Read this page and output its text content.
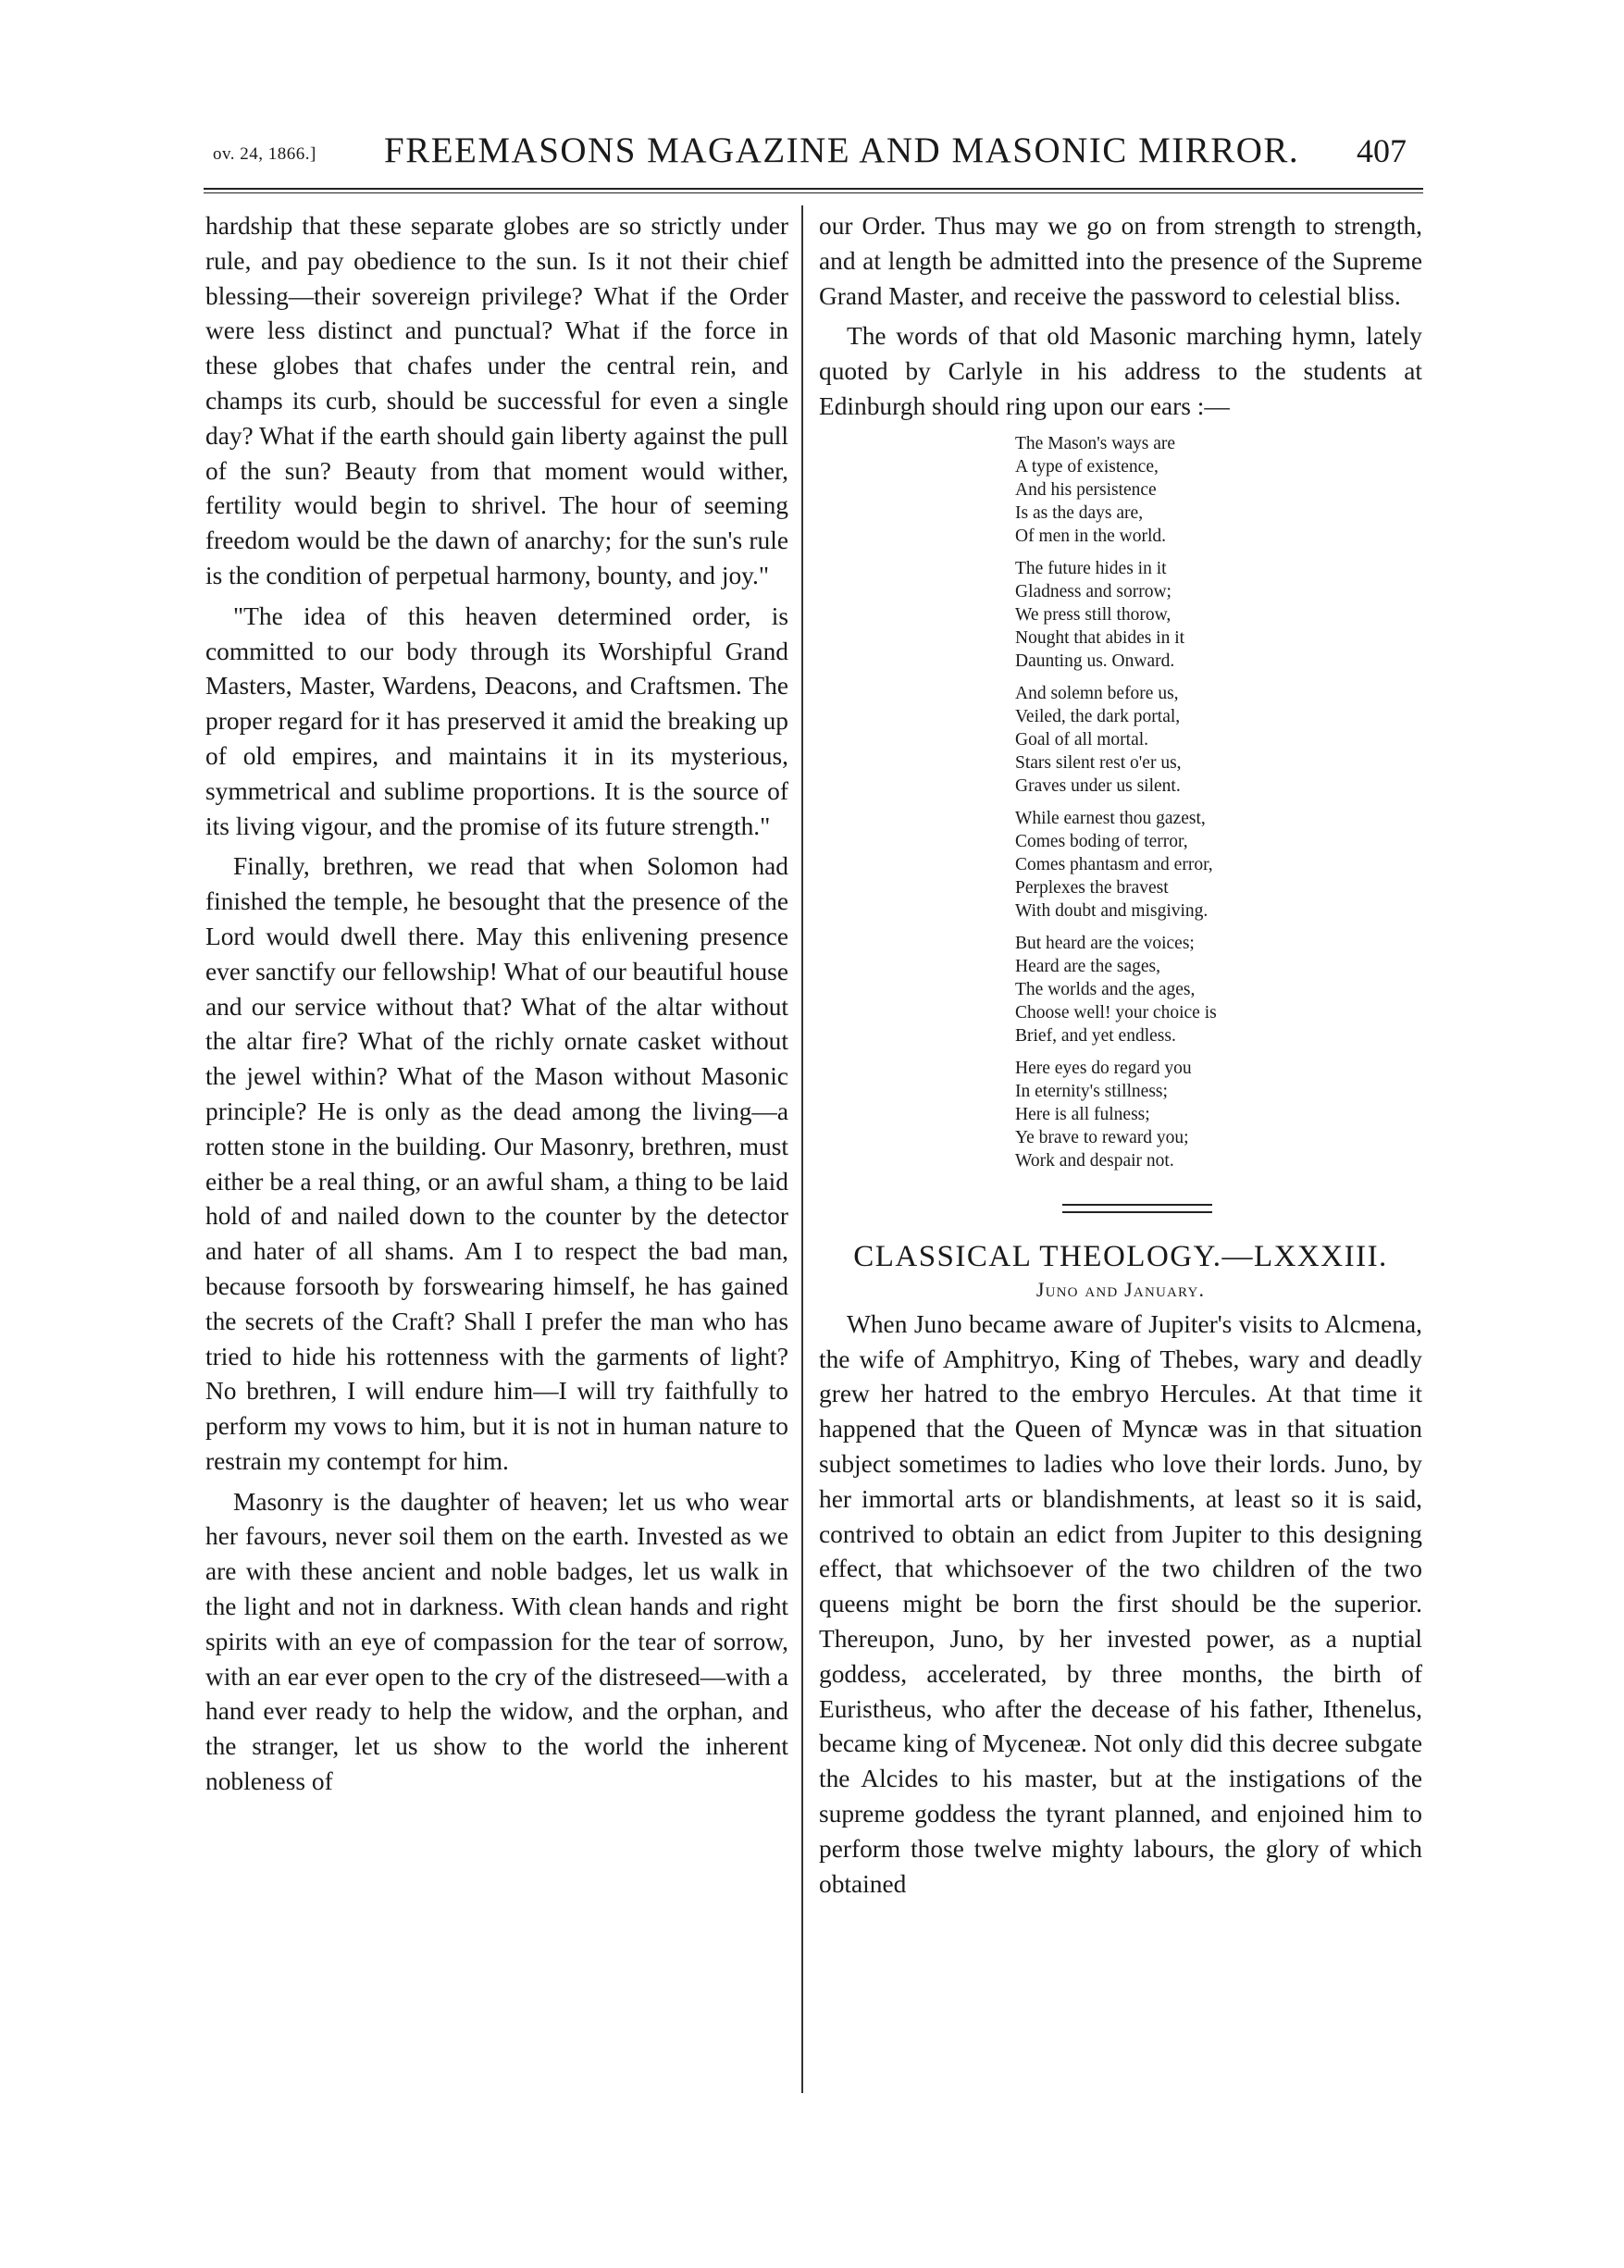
ov. 24, 1866.] FREEMASONS MAGAZINE AND MASONIC MIRROR. 407

hardship that these separate globes are so strictly under rule, and pay obedience to the sun. Is it not their chief blessing—their sovereign privilege? What if the Order were less distinct and punctual? What if the force in these globes that chafes under the central rein, and champs its curb, should be successful for even a single day? What if the earth should gain liberty against the pull of the sun? Beauty from that moment would wither, fertility would begin to shrivel. The hour of seeming freedom would be the dawn of anarchy; for the sun's rule is the condition of perpetual harmony, bounty, and joy."

"The idea of this heaven determined order, is committed to our body through its Worshipful Grand Masters, Master, Wardens, Deacons, and Craftsmen. The proper regard for it has preserved it amid the breaking up of old empires, and maintains it in its mysterious, symmetrical and sublime proportions. It is the source of its living vigour, and the promise of its future strength."

Finally, brethren, we read that when Solomon had finished the temple, he besought that the presence of the Lord would dwell there. May this enlivening presence ever sanctify our fellowship! What of our beautiful house and our service without that? What of the altar without the altar fire? What of the richly ornate casket without the jewel within? What of the Mason without Masonic principle? He is only as the dead among the living—a rotten stone in the building. Our Masonry, brethren, must either be a real thing, or an awful sham, a thing to be laid hold of and nailed down to the counter by the detector and hater of all shams. Am I to respect the bad man, because forsooth by forswearing himself, he has gained the secrets of the Craft? Shall I prefer the man who has tried to hide his rottenness with the garments of light? No brethren, I will endure him—I will try faithfully to perform my vows to him, but it is not in human nature to restrain my contempt for him.

Masonry is the daughter of heaven; let us who wear her favours, never soil them on the earth. Invested as we are with these ancient and noble badges, let us walk in the light and not in darkness. With clean hands and right spirits with an eye of compassion for the tear of sorrow, with an ear ever open to the cry of the distreseed—with a hand ever ready to help the widow, and the orphan, and the stranger, let us show to the world the inherent nobleness of

our Order. Thus may we go on from strength to strength, and at length be admitted into the presence of the Supreme Grand Master, and receive the password to celestial bliss.

The words of that old Masonic marching hymn, lately quoted by Carlyle in his address to the students at Edinburgh should ring upon our ears :—

The Mason's ways are
A type of existence,
And his persistence
Is as the days are,
Of men in the world.
The future hides in it
Gladness and sorrow;
We press still thorow,
Nought that abides in it
Daunting us. Onward.
And solemn before us,
Veiled, the dark portal,
Goal of all mortal.
Stars silent rest o'er us,
Graves under us silent.
While earnest thou gazest,
Comes boding of terror,
Comes phantasm and error,
Perplexes the bravest
With doubt and misgiving.
But heard are the voices;
Heard are the sages,
The worlds and the ages,
Choose well! your choice is
Brief, and yet endless.
Here eyes do regard you
In eternity's stillness;
Here is all fulness;
Ye brave to reward you;
Work and despair not.
CLASSICAL THEOLOGY.—LXXXIII.
Juno and January.

When Juno became aware of Jupiter's visits to Alcmena, the wife of Amphitryo, King of Thebes, wary and deadly grew her hatred to the embryo Hercules. At that time it happened that the Queen of Myncæ was in that situation subject sometimes to ladies who love their lords. Juno, by her immortal arts or blandishments, at least so it is said, contrived to obtain an edict from Jupiter to this designing effect, that whichsoever of the two children of the two queens might be born the first should be the superior. Thereupon, Juno, by her invested power, as a nuptial goddess, accelerated, by three months, the birth of Euristheus, who after the decease of his father, Ithenelus, became king of Myceneæ. Not only did this decree subgate the Alcides to his master, but at the instigations of the supreme goddess the tyrant planned, and enjoined him to perform those twelve mighty labours, the glory of which obtained
